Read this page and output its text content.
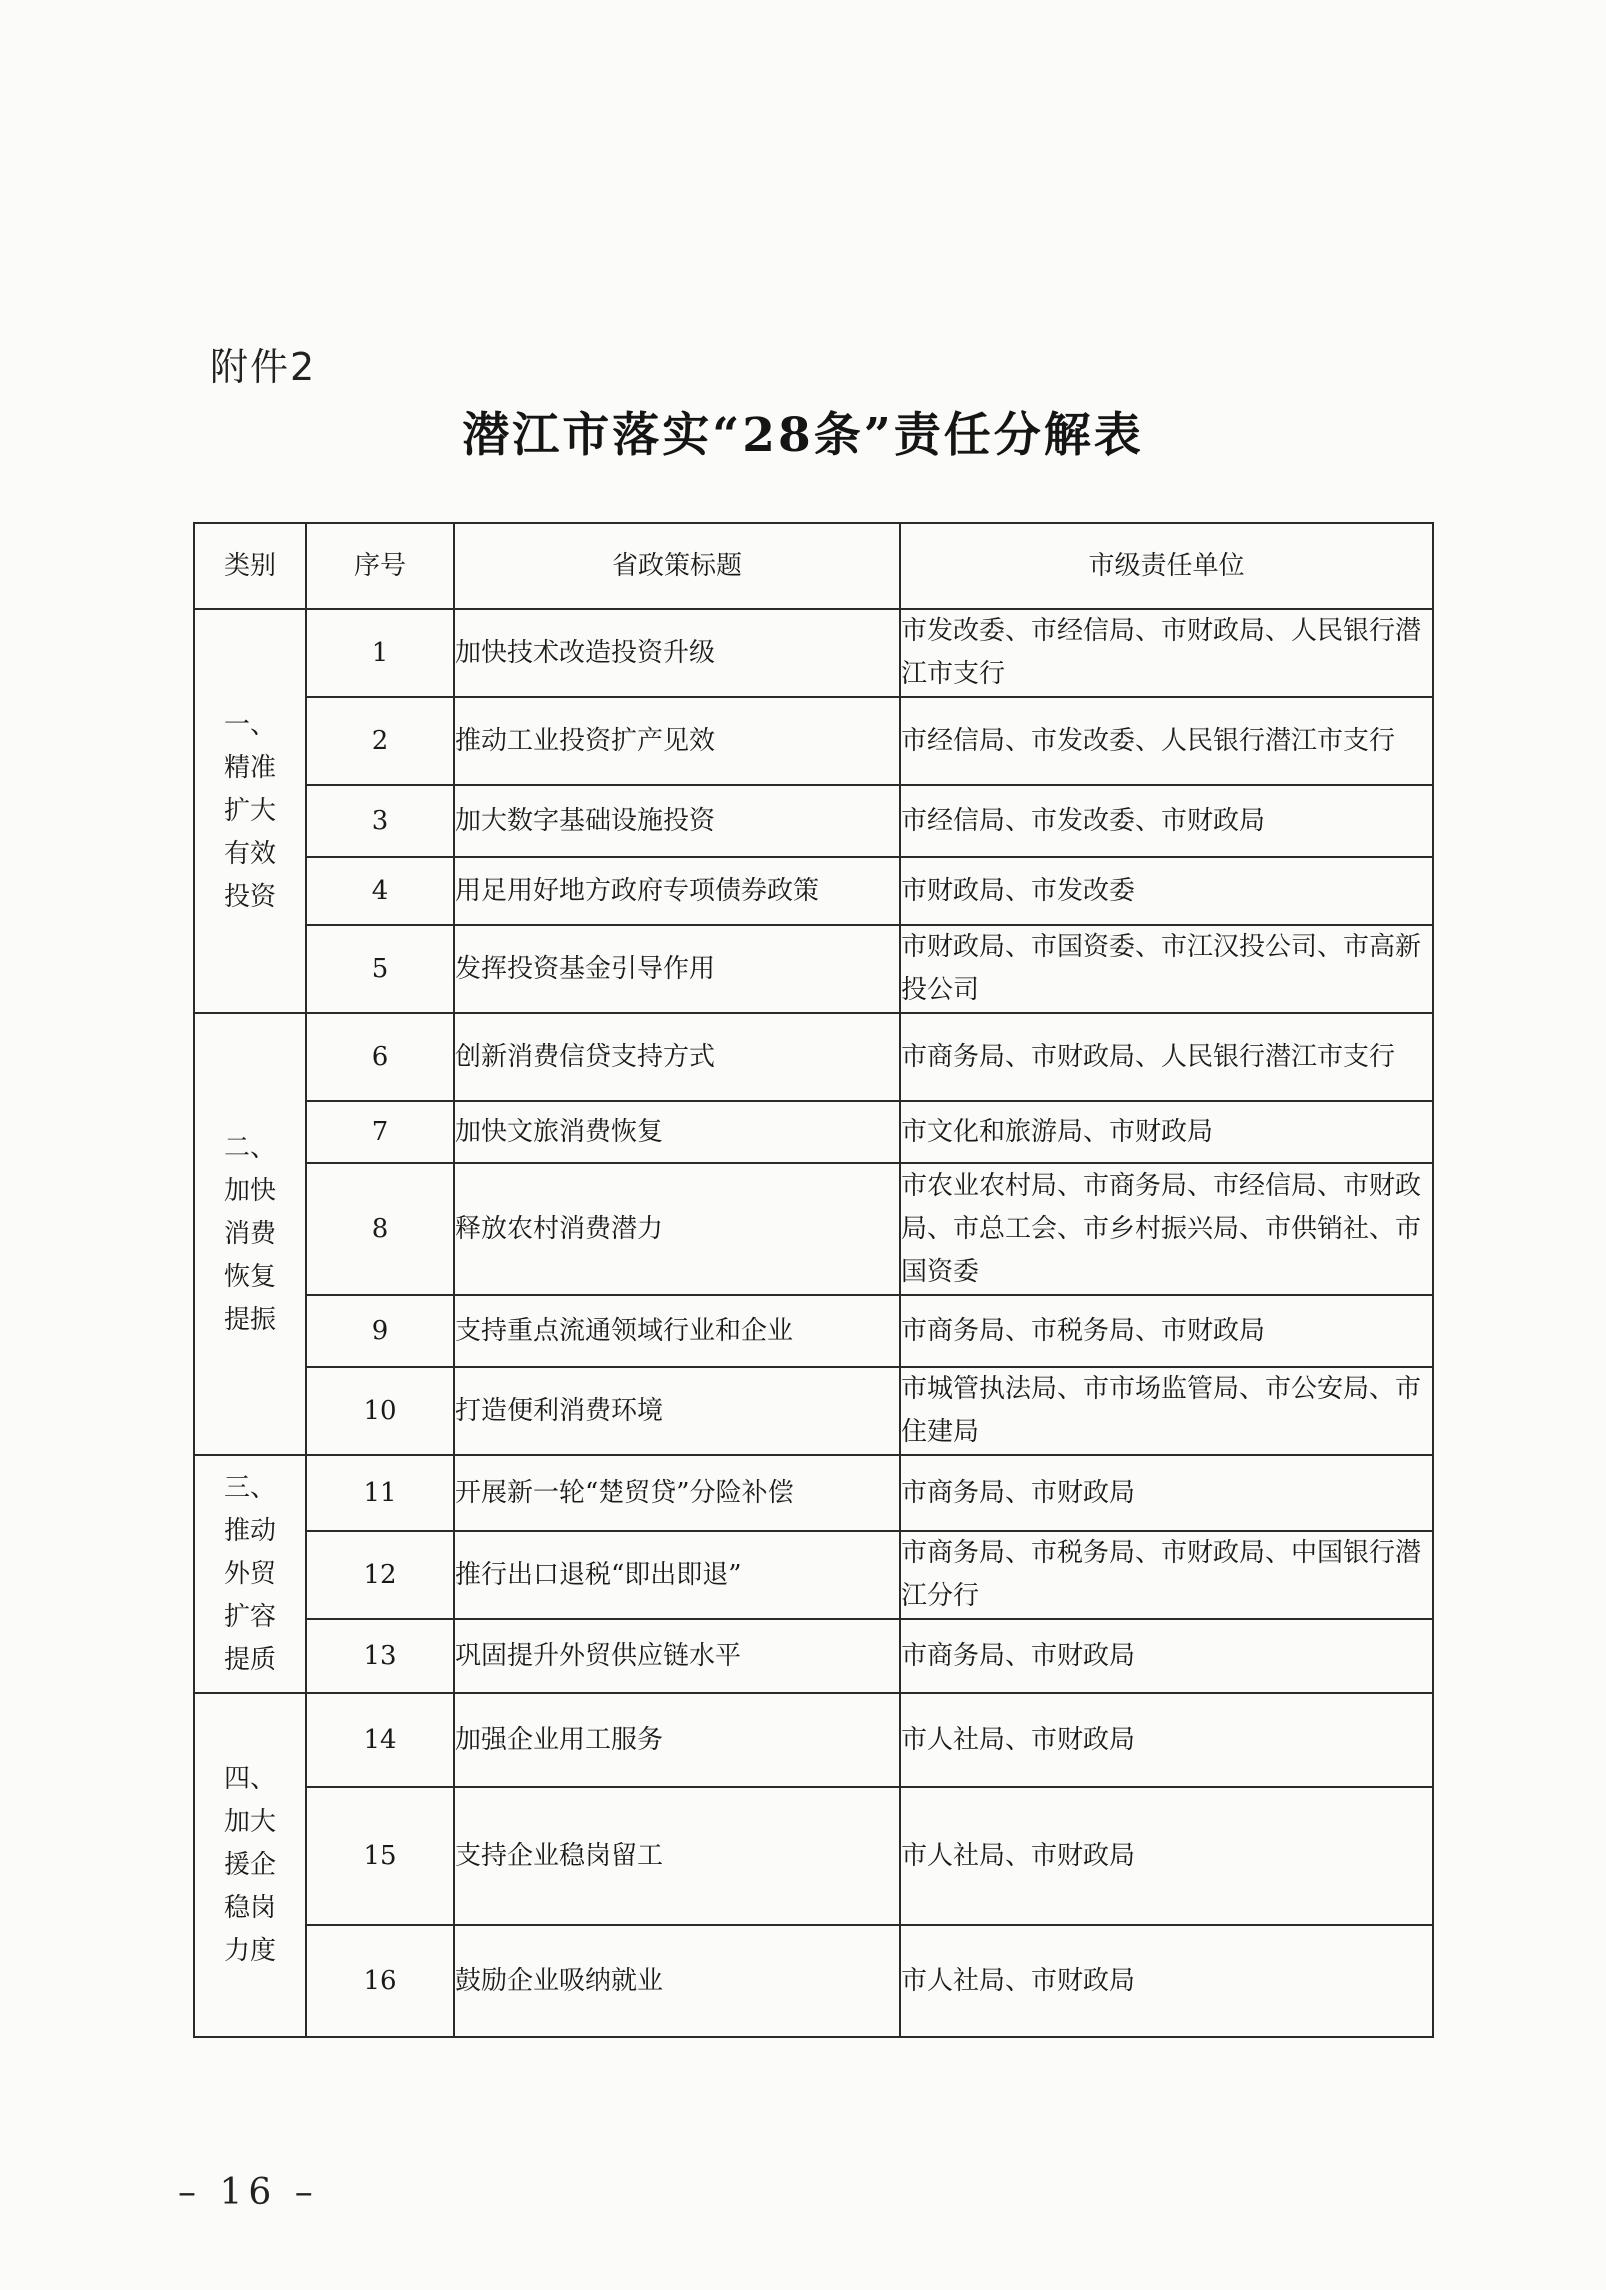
附件2
潜江市落实“28条”责任分解表
类别	序号	省政策标题	市级责任单位

一、
精准
扩大
有效
投资	1	加快技术改造投资升级	市发改委、市经信局、市财政局、人民银行潜江市支行
	2	推动工业投资扩产见效	市经信局、市发改委、人民银行潜江市支行
	3	加大数字基础设施投资	市经信局、市发改委、市财政局
	4	用足用好地方政府专项债券政策	市财政局、市发改委
	5	发挥投资基金引导作用	市财政局、市国资委、市江汉投公司、市高新投公司

二、
加快
消费
恢复
提振	6	创新消费信贷支持方式	市商务局、市财政局、人民银行潜江市支行
	7	加快文旅消费恢复	市文化和旅游局、市财政局
	8	释放农村消费潜力	市农业农村局、市商务局、市经信局、市财政局、市总工会、市乡村振兴局、市供销社、市国资委
	9	支持重点流通领域行业和企业	市商务局、市税务局、市财政局
	10	打造便利消费环境	市城管执法局、市市场监管局、市公安局、市住建局

三、
推动
外贸
扩容
提质	11	开展新一轮“楚贸贷”分险补偿	市商务局、市财政局
	12	推行出口退税“即出即退”	市商务局、市税务局、市财政局、中国银行潜江分行
	13	巩固提升外贸供应链水平	市商务局、市财政局

四、
加大
援企
稳岗
力度	14	加强企业用工服务	市人社局、市财政局
	15	支持企业稳岗留工	市人社局、市财政局
	16	鼓励企业吸纳就业	市人社局、市财政局
– 16 –
